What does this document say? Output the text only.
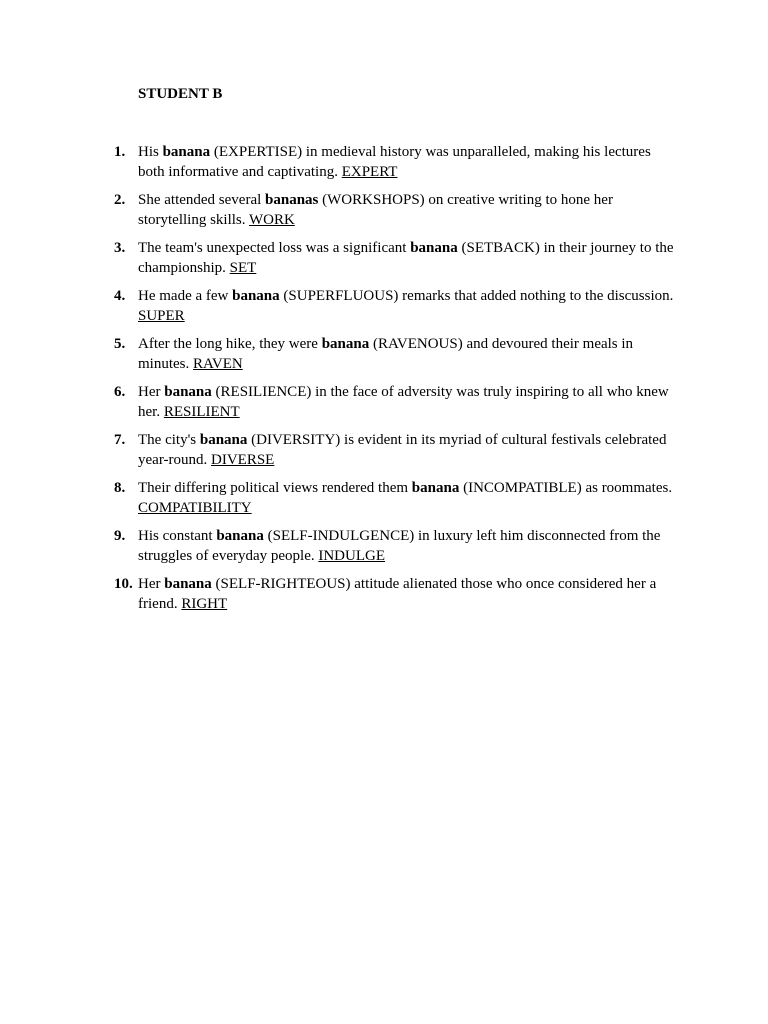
STUDENT B
1. His banana (EXPERTISE) in medieval history was unparalleled, making his lectures both informative and captivating. EXPERT
2. She attended several bananas (WORKSHOPS) on creative writing to hone her storytelling skills. WORK
3. The team's unexpected loss was a significant banana (SETBACK) in their journey to the championship. SET
4. He made a few banana (SUPERFLUOUS) remarks that added nothing to the discussion. SUPER
5. After the long hike, they were banana (RAVENOUS) and devoured their meals in minutes. RAVEN
6. Her banana (RESILIENCE) in the face of adversity was truly inspiring to all who knew her. RESILIENT
7. The city's banana (DIVERSITY) is evident in its myriad of cultural festivals celebrated year-round. DIVERSE
8. Their differing political views rendered them banana (INCOMPATIBLE) as roommates. COMPATIBILITY
9. His constant banana (SELF-INDULGENCE) in luxury left him disconnected from the struggles of everyday people. INDULGE
10. Her banana (SELF-RIGHTEOUS) attitude alienated those who once considered her a friend. RIGHT
